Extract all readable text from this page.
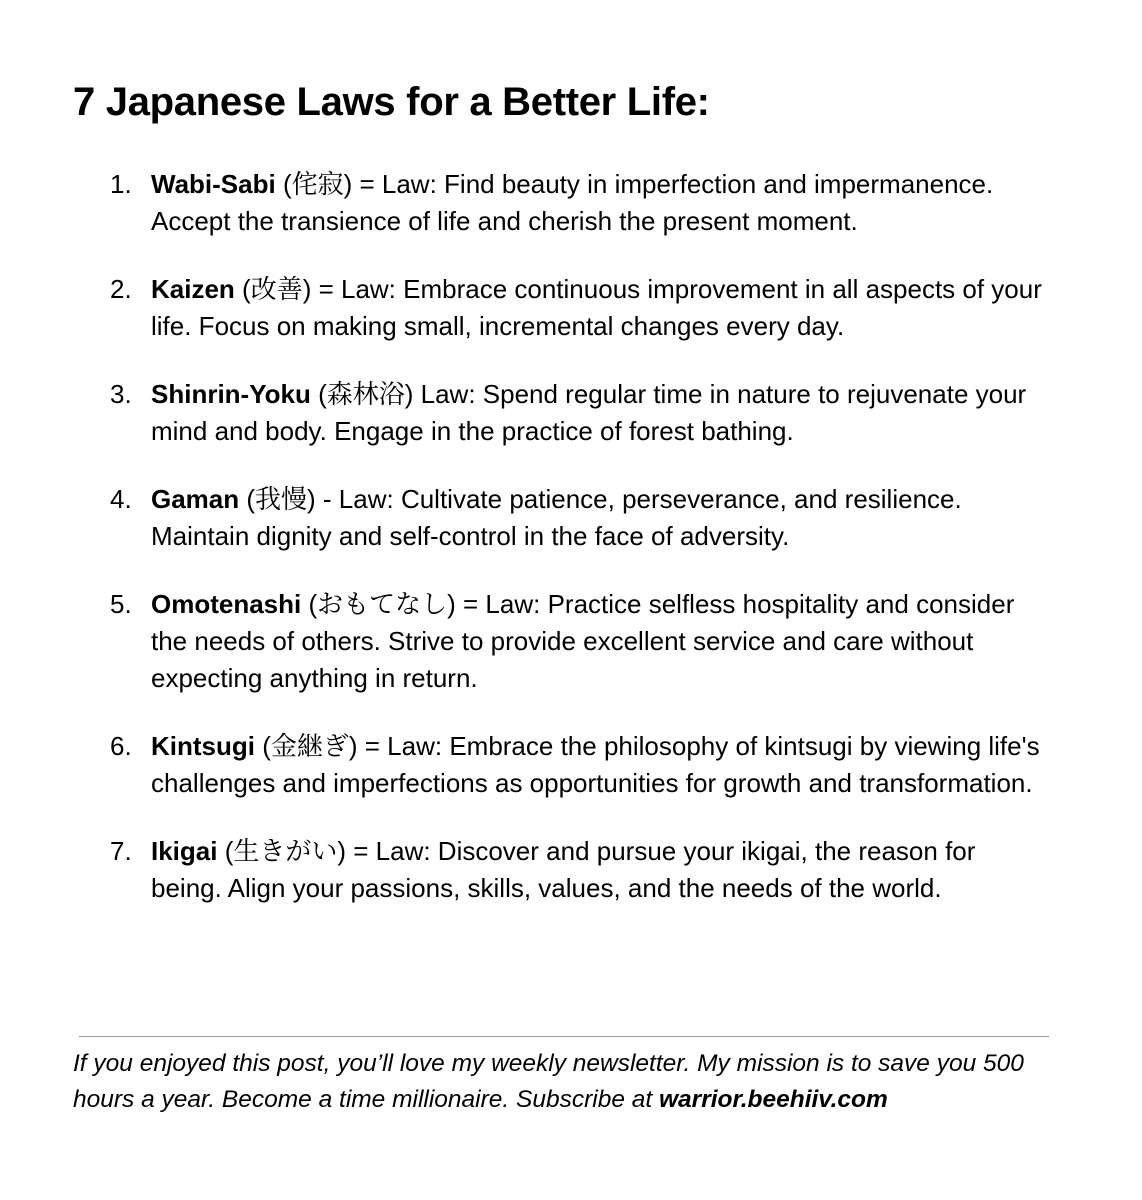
7 Japanese Laws for a Better Life:
1. Wabi-Sabi (侘寂) = Law: Find beauty in imperfection and impermanence. Accept the transience of life and cherish the present moment.
2. Kaizen (改善) = Law: Embrace continuous improvement in all aspects of your life. Focus on making small, incremental changes every day.
3. Shinrin-Yoku (森林浴) Law: Spend regular time in nature to rejuvenate your mind and body. Engage in the practice of forest bathing.
4. Gaman (我慢) - Law: Cultivate patience, perseverance, and resilience. Maintain dignity and self-control in the face of adversity.
5. Omotenashi (おもてなし) = Law: Practice selfless hospitality and consider the needs of others. Strive to provide excellent service and care without expecting anything in return.
6. Kintsugi (金継ぎ) = Law: Embrace the philosophy of kintsugi by viewing life's challenges and imperfections as opportunities for growth and transformation.
7. Ikigai (生きがい) = Law: Discover and pursue your ikigai, the reason for being. Align your passions, skills, values, and the needs of the world.

If you enjoyed this post, you’ll love my weekly newsletter. My mission is to save you 500 hours a year. Become a time millionaire. Subscribe at warrior.beehiiv.com
